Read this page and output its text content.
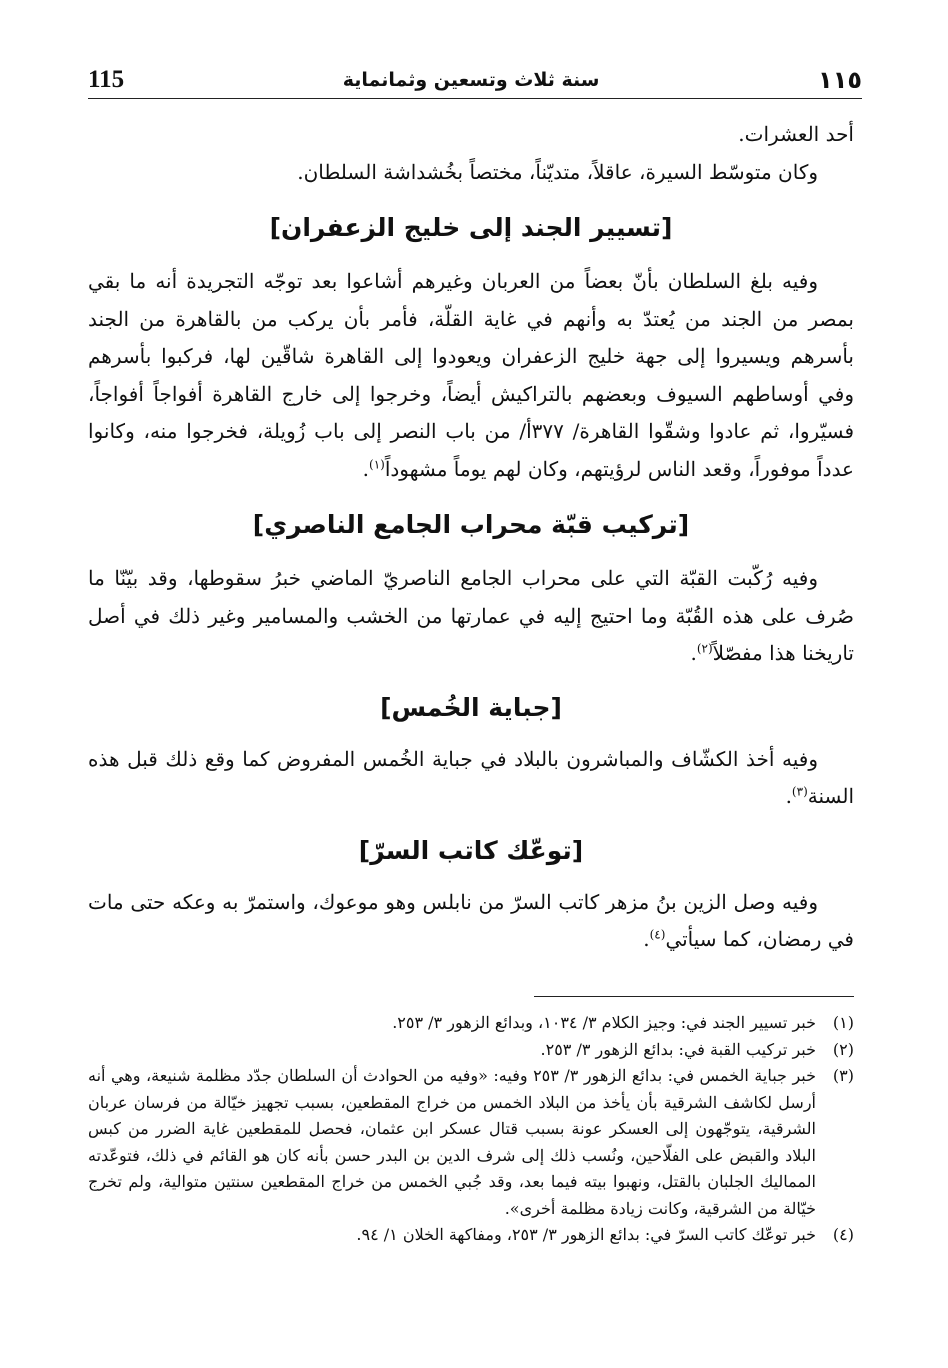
115	سنة ثلاث وتسعين وثمانماية	١١٥

أحد العشرات.

وكان متوسّط السيرة، عاقلاً، متديّناً، مختصاً بخُشداشة السلطان.

[تسيير الجند إلى خليج الزعفران]

وفيه بلغ السلطان بأنّ بعضاً من العربان وغيرهم أشاعوا بعد توجّه التجريدة أنه ما بقي بمصر من الجند من يُعتدّ به وأنهم في غاية القلّة، فأمر بأن يركب من بالقاهرة من الجند بأسرهم ويسيروا إلى جهة خليج الزعفران ويعودوا إلى القاهرة شاقّين لها، فركبوا بأسرهم وفي أوساطهم السيوف وبعضهم بالتراكيش أيضاً، وخرجوا إلى خارج القاهرة أفواجاً أفواجاً، فسيّروا، ثم عادوا وشقّوا القاهرة/ ٣٧٧أ/ من باب النصر إلى باب زُويلة، فخرجوا منه، وكانوا عدداً موفوراً، وقعد الناس لرؤيتهم، وكان لهم يوماً مشهوداً$^{(١)}$.

[تركيب قبّة محراب الجامع الناصري]

وفيه رُكّبت القبّة التي على محراب الجامع الناصريّ الماضي خبرُ سقوطها، وقد بيّنّا ما صُرف على هذه القُبّة وما احتيج إليه في عمارتها من الخشب والمسامير وغير ذلك في أصل تاريخنا هذا مفصّلاً$^{(٢)}$.

[جباية الخُمس]

وفيه أخذ الكشّاف والمباشرون بالبلاد في جباية الخُمس المفروض كما وقع ذلك قبل هذه السنة$^{(٣)}$.

[توعّك كاتب السرّ]

وفيه وصل الزين بنُ مزهر كاتب السرّ من نابلس وهو موعوك، واستمرّ به وعكه حتى مات في رمضان، كما سيأتي$^{(٤)}$.

(١)
خبر تسيير الجند في: وجيز الكلام ٣/ ١٠٣٤، وبدائع الزهور ٣/ ٢٥٣.
(٢)
خبر تركيب القبة في: بدائع الزهور ٣/ ٢٥٣.
(٣)
خبر جباية الخمس في: بدائع الزهور ٣/ ٢٥٣ وفيه: «وفيه من الحوادث أن السلطان جدّد مظلمة شنيعة، وهي أنه أرسل لكاشف الشرقية بأن يأخذ من البلاد الخمس من خراج المقطعين، بسبب تجهيز خيّالة من فرسان عربان الشرقية، يتوجّهون إلى العسكر عونة بسبب قتال عسكر ابن عثمان، فحصل للمقطعين غاية الضرر من كبس البلاد والقبض على الفلّاحين، ونُسب ذلك إلى شرف الدين بن البدر حسن بأنه كان هو القائم في ذلك، فتوعّدته المماليك الجلبان بالقتل، ونهبوا بيته فيما بعد، وقد جُبي الخمس من خراج المقطعين سنتين متوالية، ولم تخرج خيّالة من الشرقية، وكانت زيادة مظلمة أخرى».
(٤)
خبر توعّك كاتب السرّ في: بدائع الزهور ٣/ ٢٥٣، ومفاكهة الخلان ١/ ٩٤.
